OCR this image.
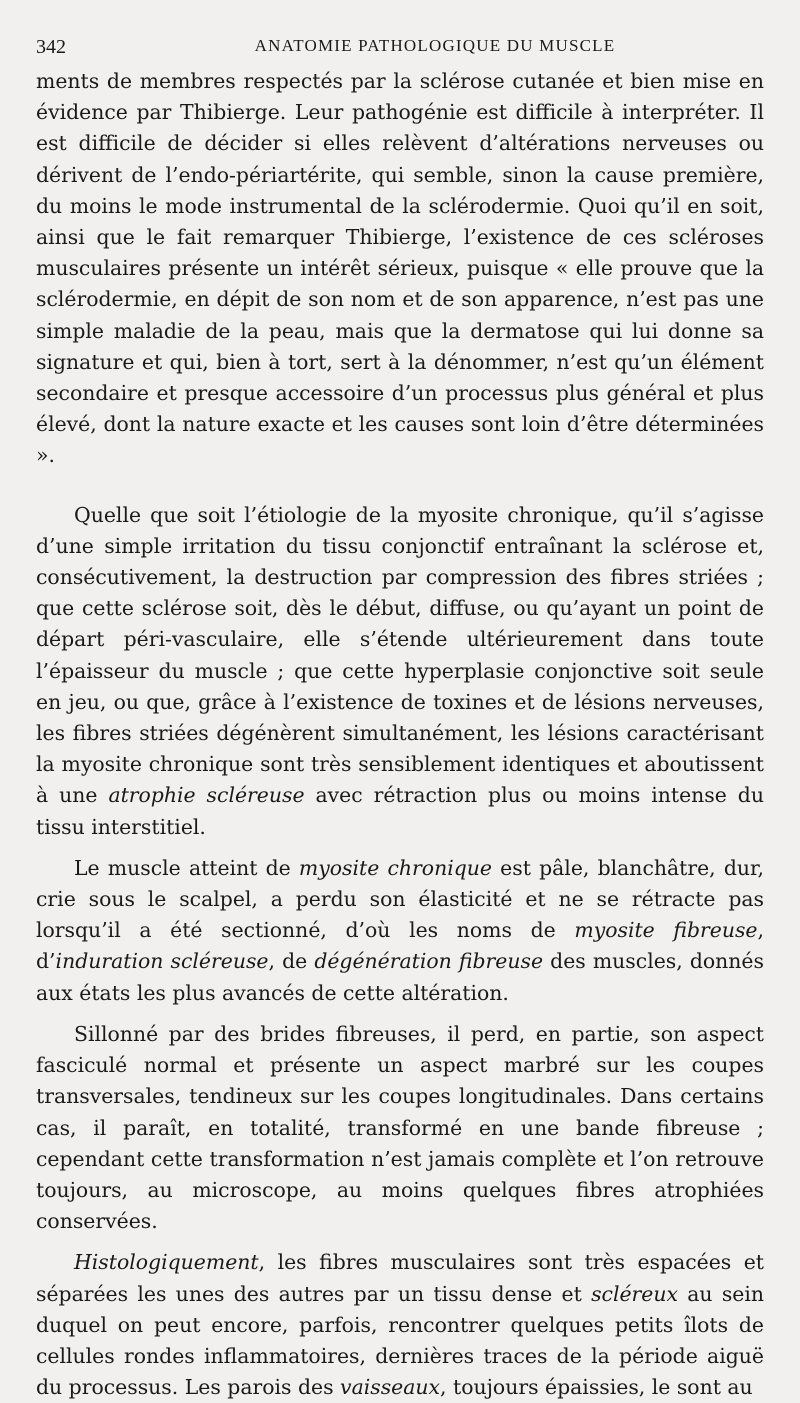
342	ANATOMIE PATHOLOGIQUE DU MUSCLE

ments de membres respectés par la sclérose cutanée et bien mise en évidence par Thibierge. Leur pathogénie est difficile à interpréter. Il est difficile de décider si elles relèvent d’altérations nerveuses ou dérivent de l’endo-périartérite, qui semble, sinon la cause première, du moins le mode instrumental de la sclérodermie. Quoi qu’il en soit, ainsi que le fait remarquer Thibierge, l’existence de ces scléroses musculaires présente un intérêt sérieux, puisque « elle prouve que la sclérodermie, en dépit de son nom et de son apparence, n’est pas une simple maladie de la peau, mais que la dermatose qui lui donne sa signature et qui, bien à tort, sert à la dénommer, n’est qu’un élément secondaire et presque accessoire d’un processus plus général et plus élevé, dont la nature exacte et les causes sont loin d’être déterminées ».

Quelle que soit l’étiologie de la myosite chronique, qu’il s’agisse d’une simple irritation du tissu conjonctif entraînant la sclérose et, consécutivement, la destruction par compression des fibres striées ; que cette sclérose soit, dès le début, diffuse, ou qu’ayant un point de départ péri-vasculaire, elle s’étende ultérieurement dans toute l’épaisseur du muscle ; que cette hyperplasie conjonctive soit seule en jeu, ou que, grâce à l’existence de toxines et de lésions nerveuses, les fibres striées dégénèrent simultanément, les lésions caractérisant la myosite chronique sont très sensiblement identiques et aboutissent à une atrophie scléreuse avec rétraction plus ou moins intense du tissu interstitiel.

Le muscle atteint de myosite chronique est pâle, blanchâtre, dur, crie sous le scalpel, a perdu son élasticité et ne se rétracte pas lorsqu’il a été sectionné, d’où les noms de myosite fibreuse, d’induration scléreuse, de dégénération fibreuse des muscles, donnés aux états les plus avancés de cette altération.

Sillonné par des brides fibreuses, il perd, en partie, son aspect fasciculé normal et présente un aspect marbré sur les coupes transversales, tendineux sur les coupes longitudinales. Dans certains cas, il paraît, en totalité, transformé en une bande fibreuse ; cependant cette transformation n’est jamais complète et l’on retrouve toujours, au microscope, au moins quelques fibres atrophiées conservées.

Histologiquement, les fibres musculaires sont très espacées et séparées les unes des autres par un tissu dense et scléreux au sein duquel on peut encore, parfois, rencontrer quelques petits îlots de cellules rondes inflammatoires, dernières traces de la période aiguë du processus. Les parois des vaisseaux, toujours épaissies, le sont au
